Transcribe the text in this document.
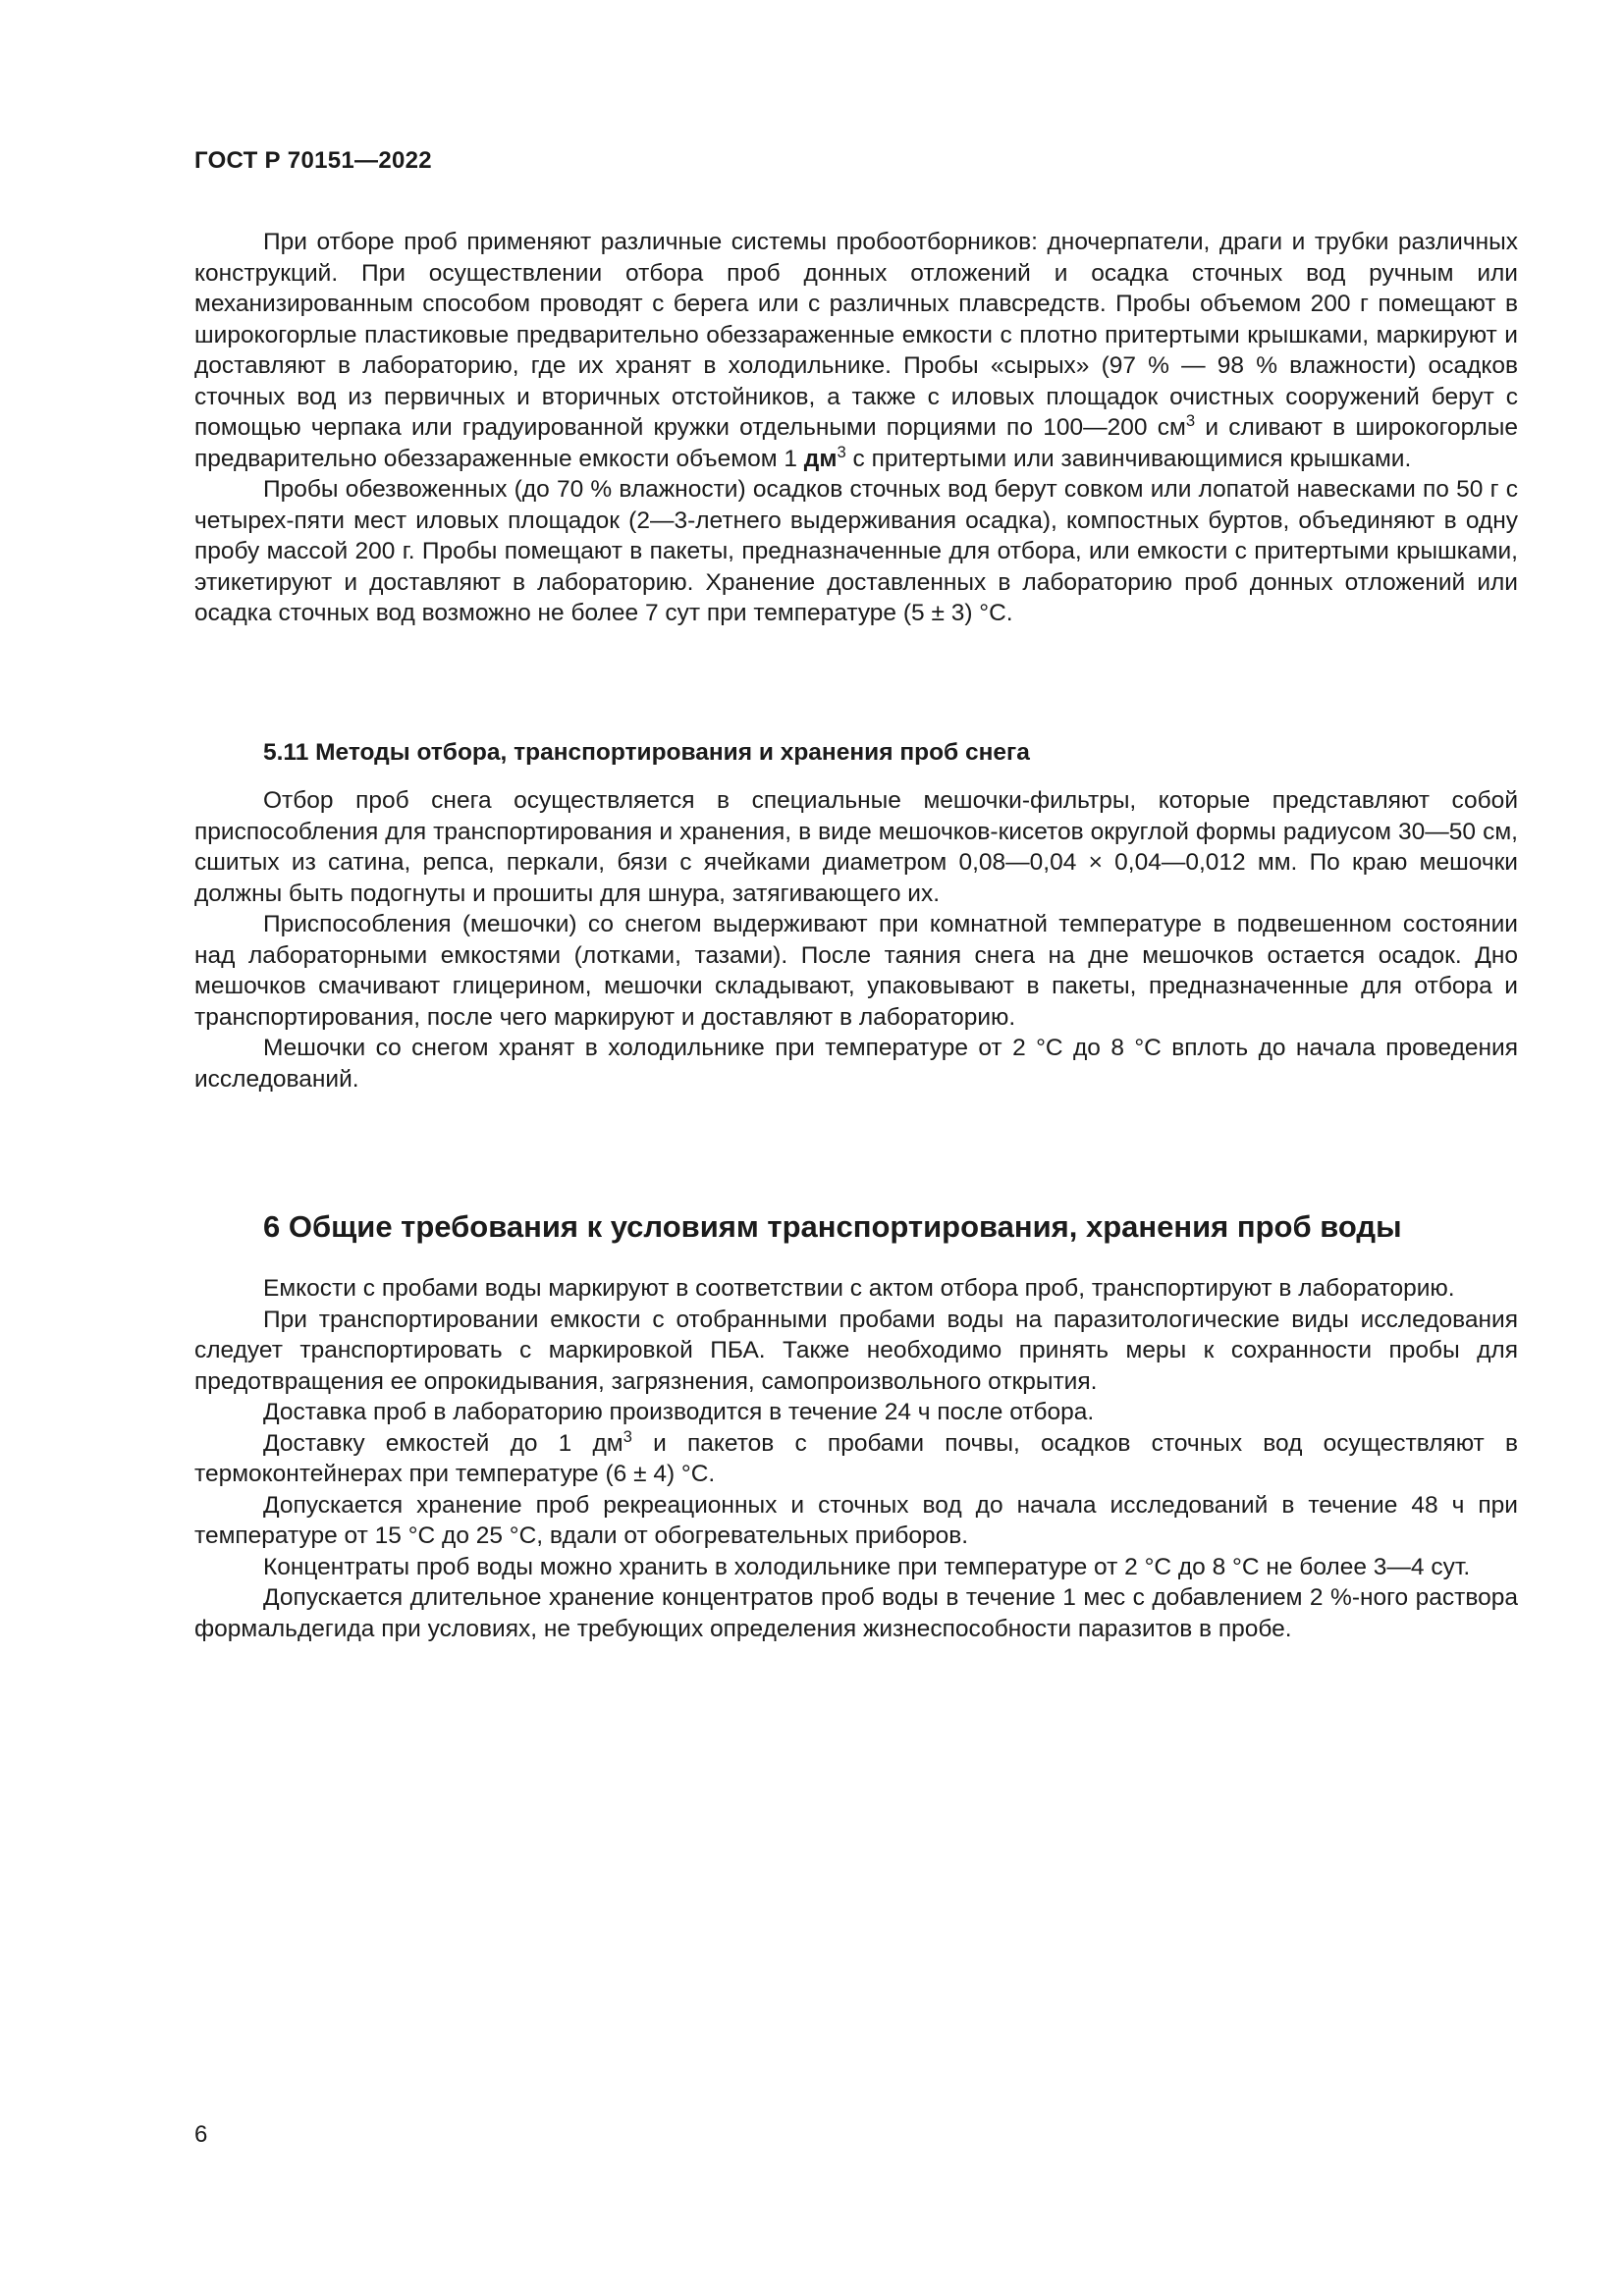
ГОСТ Р 70151—2022

При отборе проб применяют различные системы пробоотборников: дночерпатели, драги и трубки различных конструкций. При осуществлении отбора проб донных отложений и осадка сточных вод ручным или механизированным способом проводят с берега или с различных плавсредств. Пробы объемом 200 г помещают в широкогорлые пластиковые предварительно обеззараженные емкости с плотно притертыми крышками, маркируют и доставляют в лабораторию, где их хранят в холодильнике. Пробы «сырых» (97 % — 98 % влажности) осадков сточных вод из первичных и вторичных отстойников, а также с иловых площадок очистных сооружений берут с помощью черпака или градуированной кружки отдельными порциями по 100—200 $см^3$ и сливают в широкогорлые предварительно обеззараженные емкости объемом 1 $дм^3$ с притертыми или завинчивающимися крышками.

Пробы обезвоженных (до 70 % влажности) осадков сточных вод берут совком или лопатой навесками по 50 г с четырех-пяти мест иловых площадок (2—3-летнего выдерживания осадка), компостных буртов, объединяют в одну пробу массой 200 г. Пробы помещают в пакеты, предназначенные для отбора, или емкости с притертыми крышками, этикетируют и доставляют в лабораторию. Хранение доставленных в лабораторию проб донных отложений или осадка сточных вод возможно не более 7 сут при температуре (5 ± 3) °С.

5.11 Методы отбора, транспортирования и хранения проб снега

Отбор проб снега осуществляется в специальные мешочки-фильтры, которые представляют собой приспособления для транспортирования и хранения, в виде мешочков-кисетов округлой формы радиусом 30—50 см, сшитых из сатина, репса, перкали, бязи с ячейками диаметром 0,08—0,04 × 0,04—0,012 мм. По краю мешочки должны быть подогнуты и прошиты для шнура, затягивающего их.

Приспособления (мешочки) со снегом выдерживают при комнатной температуре в подвешенном состоянии над лабораторными емкостями (лотками, тазами). После таяния снега на дне мешочков остается осадок. Дно мешочков смачивают глицерином, мешочки складывают, упаковывают в пакеты, предназначенные для отбора и транспортирования, после чего маркируют и доставляют в лабораторию.

Мешочки со снегом хранят в холодильнике при температуре от 2 °С до 8 °С вплоть до начала проведения исследований.

6 Общие требования к условиям транспортирования, хранения проб воды

Емкости с пробами воды маркируют в соответствии с актом отбора проб, транспортируют в лабораторию.

При транспортировании емкости с отобранными пробами воды на паразитологические виды исследования следует транспортировать с маркировкой ПБА. Также необходимо принять меры к сохранности пробы для предотвращения ее опрокидывания, загрязнения, самопроизвольного открытия.

Доставка проб в лабораторию производится в течение 24 ч после отбора.

Доставку емкостей до 1 $дм^3$ и пакетов с пробами почвы, осадков сточных вод осуществляют в термоконтейнерах при температуре (6 ± 4) °С.

Допускается хранение проб рекреационных и сточных вод до начала исследований в течение 48 ч при температуре от 15 °С до 25 °С, вдали от обогревательных приборов.

Концентраты проб воды можно хранить в холодильнике при температуре от 2 °С до 8 °С не более 3—4 сут.

Допускается длительное хранение концентратов проб воды в течение 1 мес с добавлением 2 %-ного раствора формальдегида при условиях, не требующих определения жизнеспособности паразитов в пробе.

6
